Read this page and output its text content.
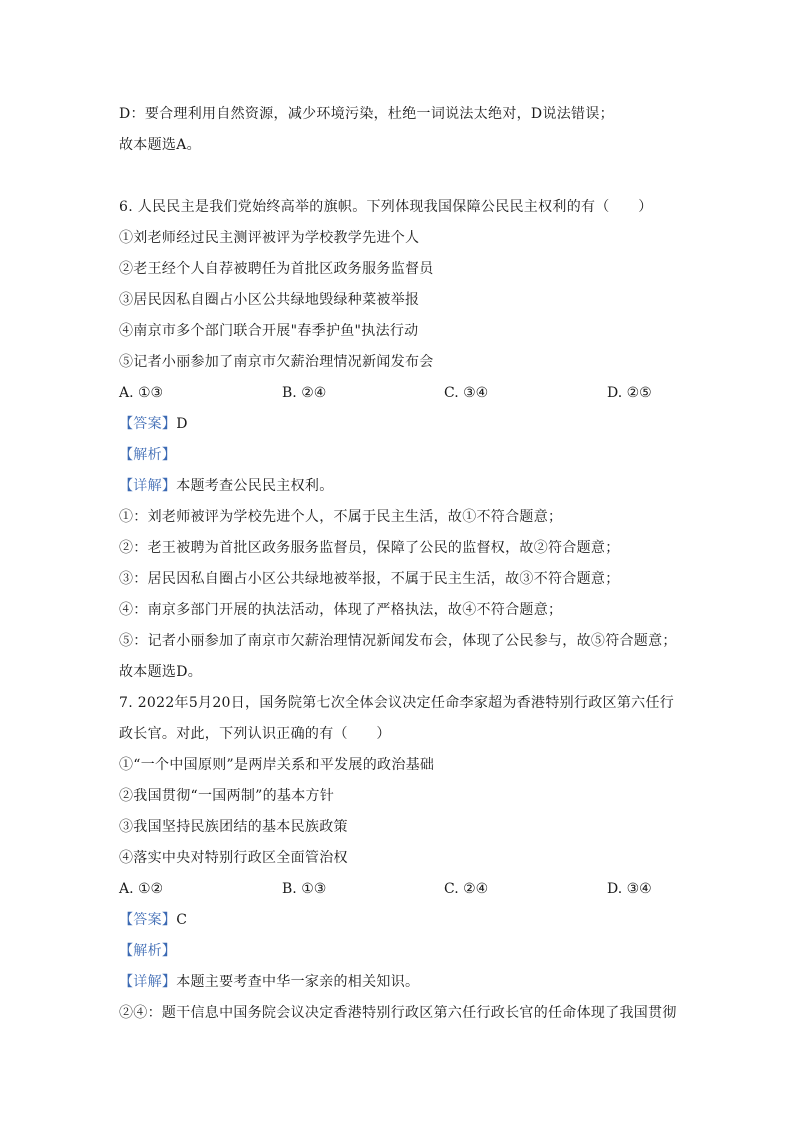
D：要合理利用自然资源，减少环境污染，杜绝一词说法太绝对，D说法错误；
故本题选A。
6. 人民民主是我们党始终高举的旗帜。下列体现我国保障公民民主权利的有（　　）
①刘老师经过民主测评被评为学校教学先进个人
②老王经个人自荐被聘任为首批区政务服务监督员
③居民因私自圈占小区公共绿地毁绿种菜被举报
④南京市多个部门联合开展"春季护鱼"执法行动
⑤记者小丽参加了南京市欠薪治理情况新闻发布会
A. ①③	B. ②④	C. ③④	D. ②⑤
【答案】D
【解析】
【详解】本题考查公民民主权利。
①：刘老师被评为学校先进个人，不属于民主生活，故①不符合题意；
②：老王被聘为首批区政务服务监督员，保障了公民的监督权，故②符合题意；
③：居民因私自圈占小区公共绿地被举报，不属于民主生活，故③不符合题意；
④：南京多部门开展的执法活动，体现了严格执法，故④不符合题意；
⑤：记者小丽参加了南京市欠薪治理情况新闻发布会，体现了公民参与，故⑤符合题意；
故本题选D。
7. 2022年5月20日，国务院第七次全体会议决定任命李家超为香港特别行政区第六任行
政长官。对此，下列认识正确的有（　　）
①“一个中国原则”是两岸关系和平发展的政治基础
②我国贯彻“一国两制”的基本方针
③我国坚持民族团结的基本民族政策
④落实中央对特别行政区全面管治权
A. ①②	B. ①③	C. ②④	D. ③④
【答案】C
【解析】
【详解】本题主要考查中华一家亲的相关知识。
②④：题干信息中国务院会议决定香港特别行政区第六任行政长官的任命体现了我国贯彻
